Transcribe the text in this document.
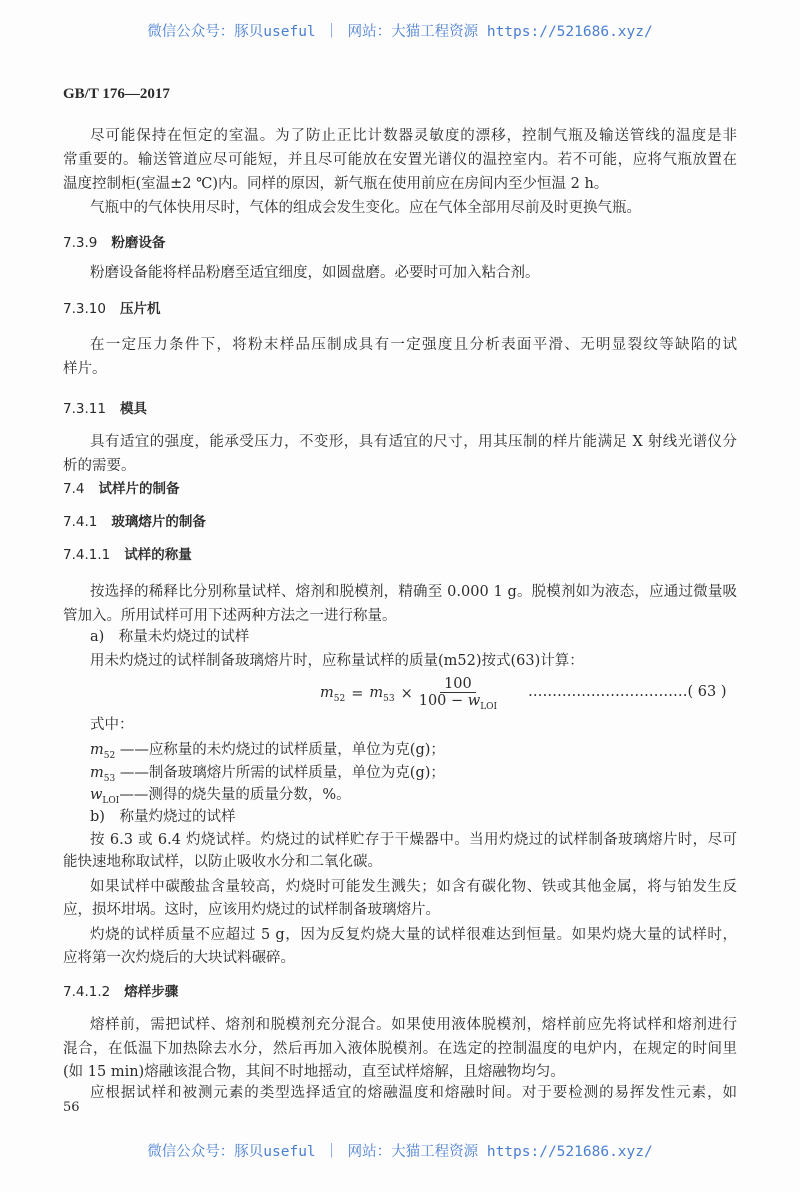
微信公众号：豚贝useful ｜ 网站：大猫工程资源 https://521686.xyz/
GB/T 176—2017
尽可能保持在恒定的室温。为了防止正比计数器灵敏度的漂移，控制气瓶及输送管线的温度是非
常重要的。输送管道应尽可能短，并且尽可能放在安置光谱仪的温控室内。若不可能，应将气瓶放置在
温度控制柜(室温±2 ℃)内。同样的原因，新气瓶在使用前应在房间内至少恒温 2 h。
气瓶中的气体快用尽时，气体的组成会发生变化。应在气体全部用尽前及时更换气瓶。
7.3.9 粉磨设备
粉磨设备能将样品粉磨至适宜细度，如圆盘磨。必要时可加入粘合剂。
7.3.10 压片机
在一定压力条件下，将粉末样品压制成具有一定强度且分析表面平滑、无明显裂纹等缺陷的试
样片。
7.3.11 模具
具有适宜的强度，能承受压力，不变形，具有适宜的尺寸，用其压制的样片能满足 X 射线光谱仪分
析的需要。
7.4 试样片的制备
7.4.1 玻璃熔片的制备
7.4.1.1 试样的称量
按选择的稀释比分别称量试样、熔剂和脱模剂，精确至 0.000 1 g。脱模剂如为液态，应通过微量吸
管加入。所用试样可用下述两种方法之一进行称量。
a)　称量未灼烧过的试样
用未灼烧过的试样制备玻璃熔片时，应称量试样的质量(m52)按式(63)计算：
$m_{52} = m_{53} \times \frac{100}{100 - w_{LOI}}$ ……………………………( 63 )
式中：
$m_{52}$ ——应称量的未灼烧过的试样质量，单位为克(g)；
$m_{53}$ ——制备玻璃熔片所需的试样质量，单位为克(g)；
$w_{LOI}——$测得的烧失量的质量分数，%。
b)　称量灼烧过的试样
按 6.3 或 6.4 灼烧试样。灼烧过的试样贮存于干燥器中。当用灼烧过的试样制备玻璃熔片时，尽可
能快速地称取试样，以防止吸收水分和二氧化碳。
如果试样中碳酸盐含量较高，灼烧时可能发生溅失；如含有碳化物、铁或其他金属，将与铂发生反
应，损坏坩埚。这时，应该用灼烧过的试样制备玻璃熔片。
灼烧的试样质量不应超过 5 g，因为反复灼烧大量的试样很难达到恒量。如果灼烧大量的试样时，
应将第一次灼烧后的大块试料碾碎。
7.4.1.2 熔样步骤
熔样前，需把试样、熔剂和脱模剂充分混合。如果使用液体脱模剂，熔样前应先将试样和熔剂进行
混合，在低温下加热除去水分，然后再加入液体脱模剂。在选定的控制温度的电炉内，在规定的时间里
(如 15 min)熔融该混合物，其间不时地摇动，直至试样熔解，且熔融物均匀。
应根据试样和被测元素的类型选择适宜的熔融温度和熔融时间。对于要检测的易挥发性元素，如
56
微信公众号：豚贝useful ｜ 网站：大猫工程资源 https://521686.xyz/
